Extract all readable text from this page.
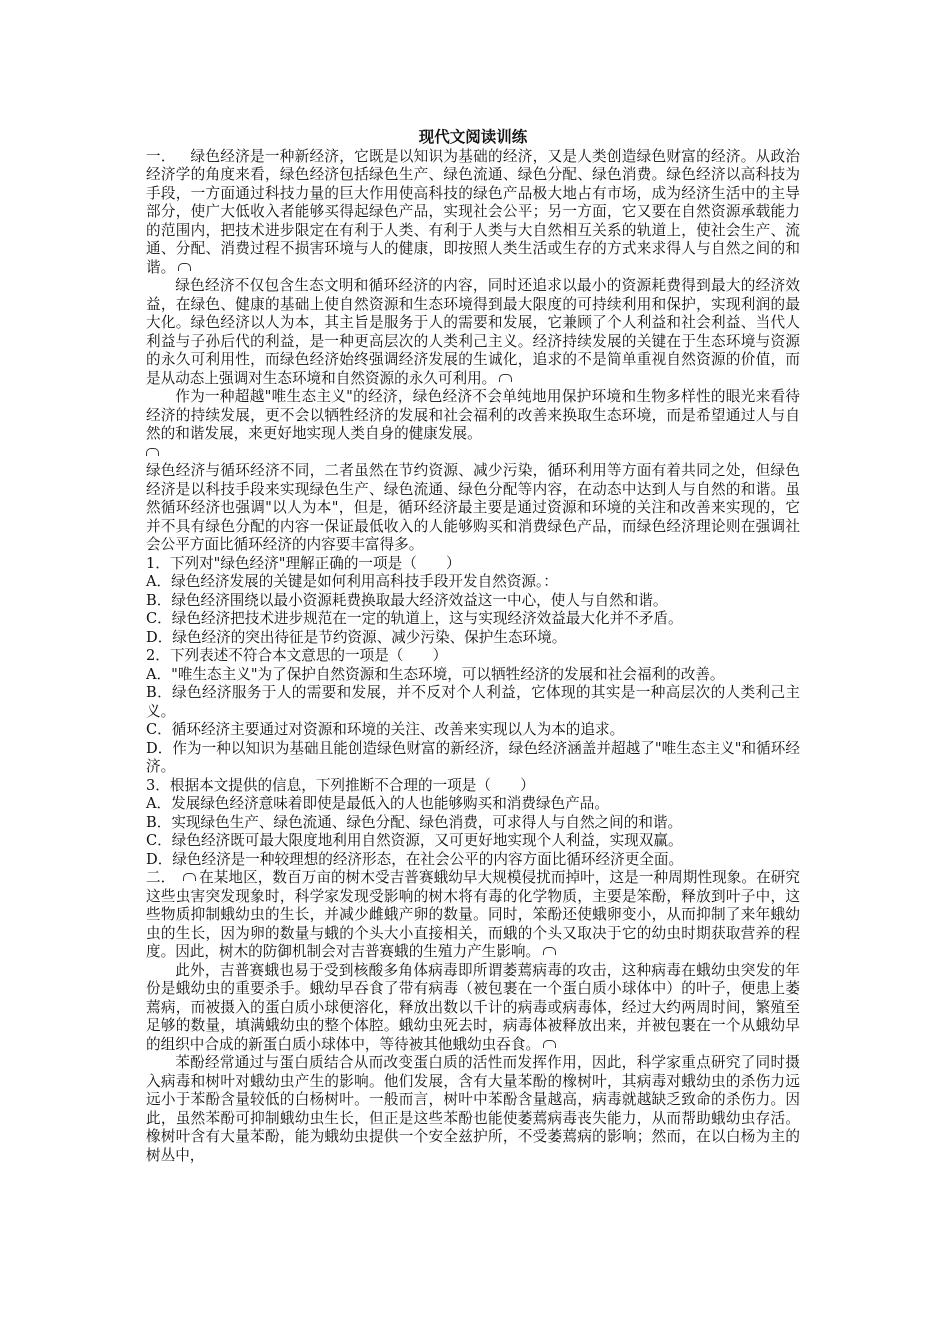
现代文阅读训练

一． 绿色经济是一种新经济，它既是以知识为基础的经济，又是人类创造绿色财富的经济。从政治经济学的角度来看，绿色经济包括绿色生产、绿色流通、绿色分配、绿色消费。绿色经济以高科技为手段，一方面通过科技力量的巨大作用使高科技的绿色产品极大地占有市场，成为经济生活中的主导部分，使广大低收入者能够买得起绿色产品，实现社会公平；另一方面，它又要在自然资源承载能力的范围内，把技术进步限定在有利于人类、有利于人类与大自然相互关系的轨道上，使社会生产、流通、分配、消费过程不损害环境与人的健康，即按照人类生活或生存的方式来求得人与自然之间的和谐。

绿色经济不仅包含生态文明和循环经济的内容，同时还追求以最小的资源耗费得到最大的经济效益，在绿色、健康的基础上使自然资源和生态环境得到最大限度的可持续利用和保护，实现利润的最大化。绿色经济以人为本，其主旨是服务于人的需要和发展，它兼顾了个人利益和社会利益、当代人利益与子孙后代的利益，是一种更高层次的人类利己主义。经济持续发展的关键在于生态环境与资源的永久可利用性，而绿色经济始终强调经济发展的生诚化，追求的不是简单重视自然资源的价值，而是从动态上强调对生态环境和自然资源的永久可利用。

作为一种超越"唯生态主义"的经济，绿色经济不会单纯地用保护环境和生物多样性的眼光来看待经济的持续发展，更不会以牺牲经济的发展和社会福利的改善来换取生态环境，而是希望通过人与自然的和谐发展，来更好地实现人类自身的健康发展。

绿色经济与循环经济不同，二者虽然在节约资源、减少污染，循环利用等方面有着共同之处，但绿色经济是以科技手段来实现绿色生产、绿色流通、绿色分配等内容，在动态中达到人与自然的和谐。虽然循环经济也强调"以人为本"，但是，循环经济最主要是通过资源和环境的关注和改善来实现的，它并不具有绿色分配的内容一保证最低收入的人能够购买和消费绿色产品，而绿色经济理论则在强调社会公平方面比循环经济的内容要丰富得多。

1．下列对"绿色经济"理解正确的一项是（　　）

A．绿色经济发展的关键是如何利用高科技手段开发自然资源。：

B．绿色经济围绕以最小资源耗费换取最大经济效益这一中心，使人与自然和谐。

C．绿色经济把技术进步规范在一定的轨道上，这与实现经济效益最大化并不矛盾。

D．绿色经济的突出待征是节约资源、减少污染、保护生态环境。

2．下列表述不符合本文意思的一项是（　　）

A．"唯生态主义"为了保护自然资源和生态环境，可以牺牲经济的发展和社会福利的改善。

B．绿色经济服务于人的需要和发展，并不反对个人利益，它体现的其实是一种高层次的人类利己主义。

C．循环经济主要通过对资源和环境的关注、改善来实现以人为本的追求。

D．作为一种以知识为基础且能创造绿色财富的新经济，绿色经济涵盖并超越了"唯生态主义"和循环经济。

3．根据本文提供的信息，下列推断不合理的一项是（　　）

A．发展绿色经济意味着即使是最低入的人也能够购买和消费绿色产品。

B．实现绿色生产、绿色流通、绿色分配、绿色消费，可求得人与自然之间的和谐。

C．绿色经济既可最大限度地利用自然资源，又可更好地实现个人利益，实现双赢。

D．绿色经济是一种较理想的经济形态，在社会公平的内容方面比循环经济更全面。

二． 在某地区，数百万亩的树木受吉普赛蛾幼早大规模侵扰而掉叶，这是一种周期性现象。在研究这些虫害突发现象时，科学家发现受影响的树木将有毒的化学物质，主要是笨酚，释放到叶子中，这些物质抑制蛾幼虫的生长，并减少雌蛾产卵的数量。同时，笨酚还使蛾卵变小，从而抑制了来年蛾幼虫的生长，因为卵的数量与蛾的个头大小直接相关，而蛾的个头又取决于它的幼虫时期获取营养的程度。因此，树木的防御机制会对吉普赛蛾的生殖力产生影响。

此外，吉普赛蛾也易于受到核酸多角体病毒即所谓萎蔫病毒的攻击，这种病毒在蛾幼虫突发的年份是蛾幼虫的重要杀手。蛾幼早吞食了带有病毒（被包裹在一个蛋白质小球体中）的叶子，便患上萎蔫病，而被摄入的蛋白质小球便溶化，释放出数以千计的病毒或病毒体，经过大约两周时间，繁殖至足够的数量，填满蛾幼虫的整个体腔。蛾幼虫死去时，病毒体被释放出来，并被包裹在一个从蛾幼早的组织中合成的新蛋白质小球体中，等待被其他蛾幼虫吞食。

苯酚经常通过与蛋白质结合从而改变蛋白质的活性而发挥作用，因此，科学家重点研究了同时摄入病毒和树叶对蛾幼虫产生的影响。他们发展，含有大量苯酚的橡树叶，其病毒对蛾幼虫的杀伤力远远小于苯酚含量较低的白杨树叶。一般而言，树叶中苯酚含量越高，病毒就越缺乏致命的杀伤力。因此，虽然苯酚可抑制蛾幼虫生长，但正是这些苯酚也能使萎蔫病毒丧失能力，从而帮助蛾幼虫存活。橡树叶含有大量苯酚，能为蛾幼虫提供一个安全兹护所，不受萎蔫病的影响；然而，在以白杨为主的树丛中，
